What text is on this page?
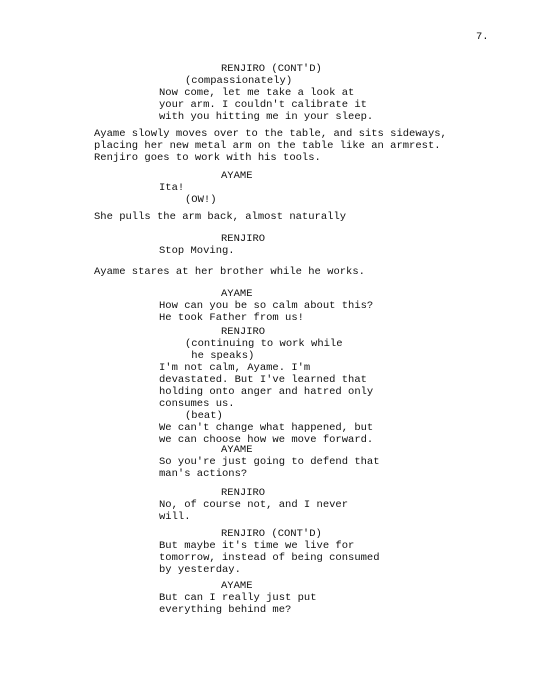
7.
RENJIRO (CONT'D)
(compassionately)
Now come, let me take a look at
your arm. I couldn't calibrate it
with you hitting me in your sleep.
Ayame slowly moves over to the table, and sits sideways,
placing her new metal arm on the table like an armrest.
Renjiro goes to work with his tools.
AYAME
Ita!
(OW!)
She pulls the arm back, almost naturally
RENJIRO
Stop Moving.
Ayame stares at her brother while he works.
AYAME
How can you be so calm about this?
He took Father from us!
RENJIRO
(continuing to work while
he speaks)
I'm not calm, Ayame. I'm
devastated. But I've learned that
holding onto anger and hatred only
consumes us.
(beat)
We can't change what happened, but
we can choose how we move forward.
AYAME
So you're just going to defend that
man's actions?
RENJIRO
No, of course not, and I never
will.
RENJIRO (CONT'D)
But maybe it's time we live for
tomorrow, instead of being consumed
by yesterday.
AYAME
But can I really just put
everything behind me?
